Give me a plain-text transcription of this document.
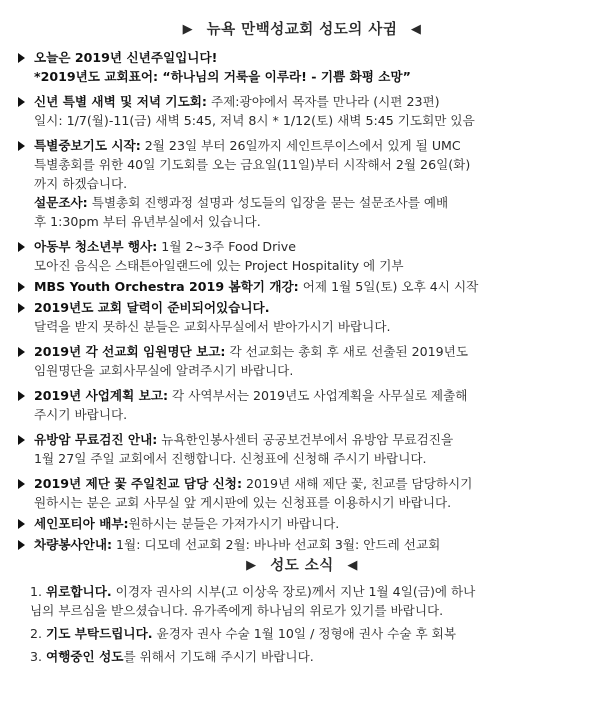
▶ 뉴욕 만백성교회 성도의 사귐 ◀
오늘은 2019년 신년주일입니다!
*2019년도 교회표어: “하나님의 거룩을 이루라! - 기쁨 화평 소망”
신년 특별 새벽 및 저녁 기도회: 주제:광야에서 목자를 만나라 (시편 23편)
일시: 1/7(월)-11(금) 새벽 5:45, 저녁 8시 * 1/12(토) 새벽 5:45 기도회만 있음
특별중보기도 시작: 2월 23일 부터 26일까지 세인트루이스에서 있게 될 UMC
특별총회를 위한 40일 기도회를 오는 금요일(11일)부터 시작해서 2월 26일(화)
까지 하겠습니다.
설문조사: 특별총회 진행과정 설명과 성도들의 입장을 묻는 설문조사를 예배
후 1:30pm 부터 유년부실에서 있습니다.
아동부 청소년부 행사: 1월 2~3주 Food Drive
모아진 음식은 스태튼아일랜드에 있는 Project Hospitality 에 기부
MBS Youth Orchestra 2019 봄학기 개강: 어제 1월 5일(토) 오후 4시 시작
2019년도 교회 달력이 준비되어있습니다.
달력을 받지 못하신 분들은 교회사무실에서 받아가시기 바랍니다.
2019년 각 선교회 임원명단 보고: 각 선교회는 총회 후 새로 선출된 2019년도
임원명단을 교회사무실에 알려주시기 바랍니다.
2019년 사업계획 보고: 각 사역부서는 2019년도 사업계획을 사무실로 제출해
주시기 바랍니다.
유방암 무료검진 안내: 뉴욕한인봉사센터 공공보건부에서 유방암 무료검진을
1월 27일 주일 교회에서 진행합니다. 신청표에 신청해 주시기 바랍니다.
2019년 제단 꽃 주일친교 담당 신청: 2019년 새해 제단 꽃, 친교를 담당하시기
원하시는 분은 교회 사무실 앞 게시판에 있는 신청표를 이용하시기 바랍니다.
세인포티아 배부:원하시는 분들은 가져가시기 바랍니다.
차량봉사안내: 1월: 디모데 선교회 2월: 바나바 선교회 3월: 안드레 선교회
▶ 성도 소식 ◀
1. 위로합니다. 이경자 권사의 시부(고 이상욱 장로)께서 지난 1월 4일(금)에 하나
님의 부르심을 받으셨습니다. 유가족에게 하나님의 위로가 있기를 바랍니다.
2. 기도 부탁드립니다. 윤경자 권사 수술 1월 10일 / 정형애 권사 수술 후 회복
3. 여행중인 성도를 위해서 기도해 주시기 바랍니다.
